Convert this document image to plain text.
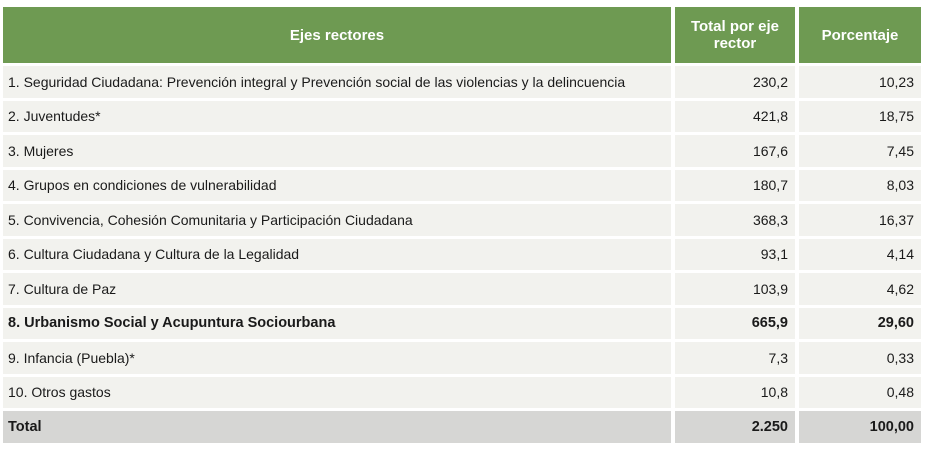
Ejes rectores	Total por eje rector	Porcentaje
1. Seguridad Ciudadana: Prevención integral y Prevención social de las violencias y la delincuencia	230,2	10,23
2. Juventudes*	421,8	18,75
3. Mujeres	167,6	7,45
4. Grupos en condiciones de vulnerabilidad	180,7	8,03
5. Convivencia, Cohesión Comunitaria y Participación Ciudadana	368,3	16,37
6. Cultura Ciudadana y Cultura de la Legalidad	93,1	4,14
7. Cultura de Paz	103,9	4,62
8. Urbanismo Social y Acupuntura Sociourbana	665,9	29,60
9. Infancia (Puebla)*	7,3	0,33
10. Otros gastos	10,8	0,48
Total	2.250	100,00
